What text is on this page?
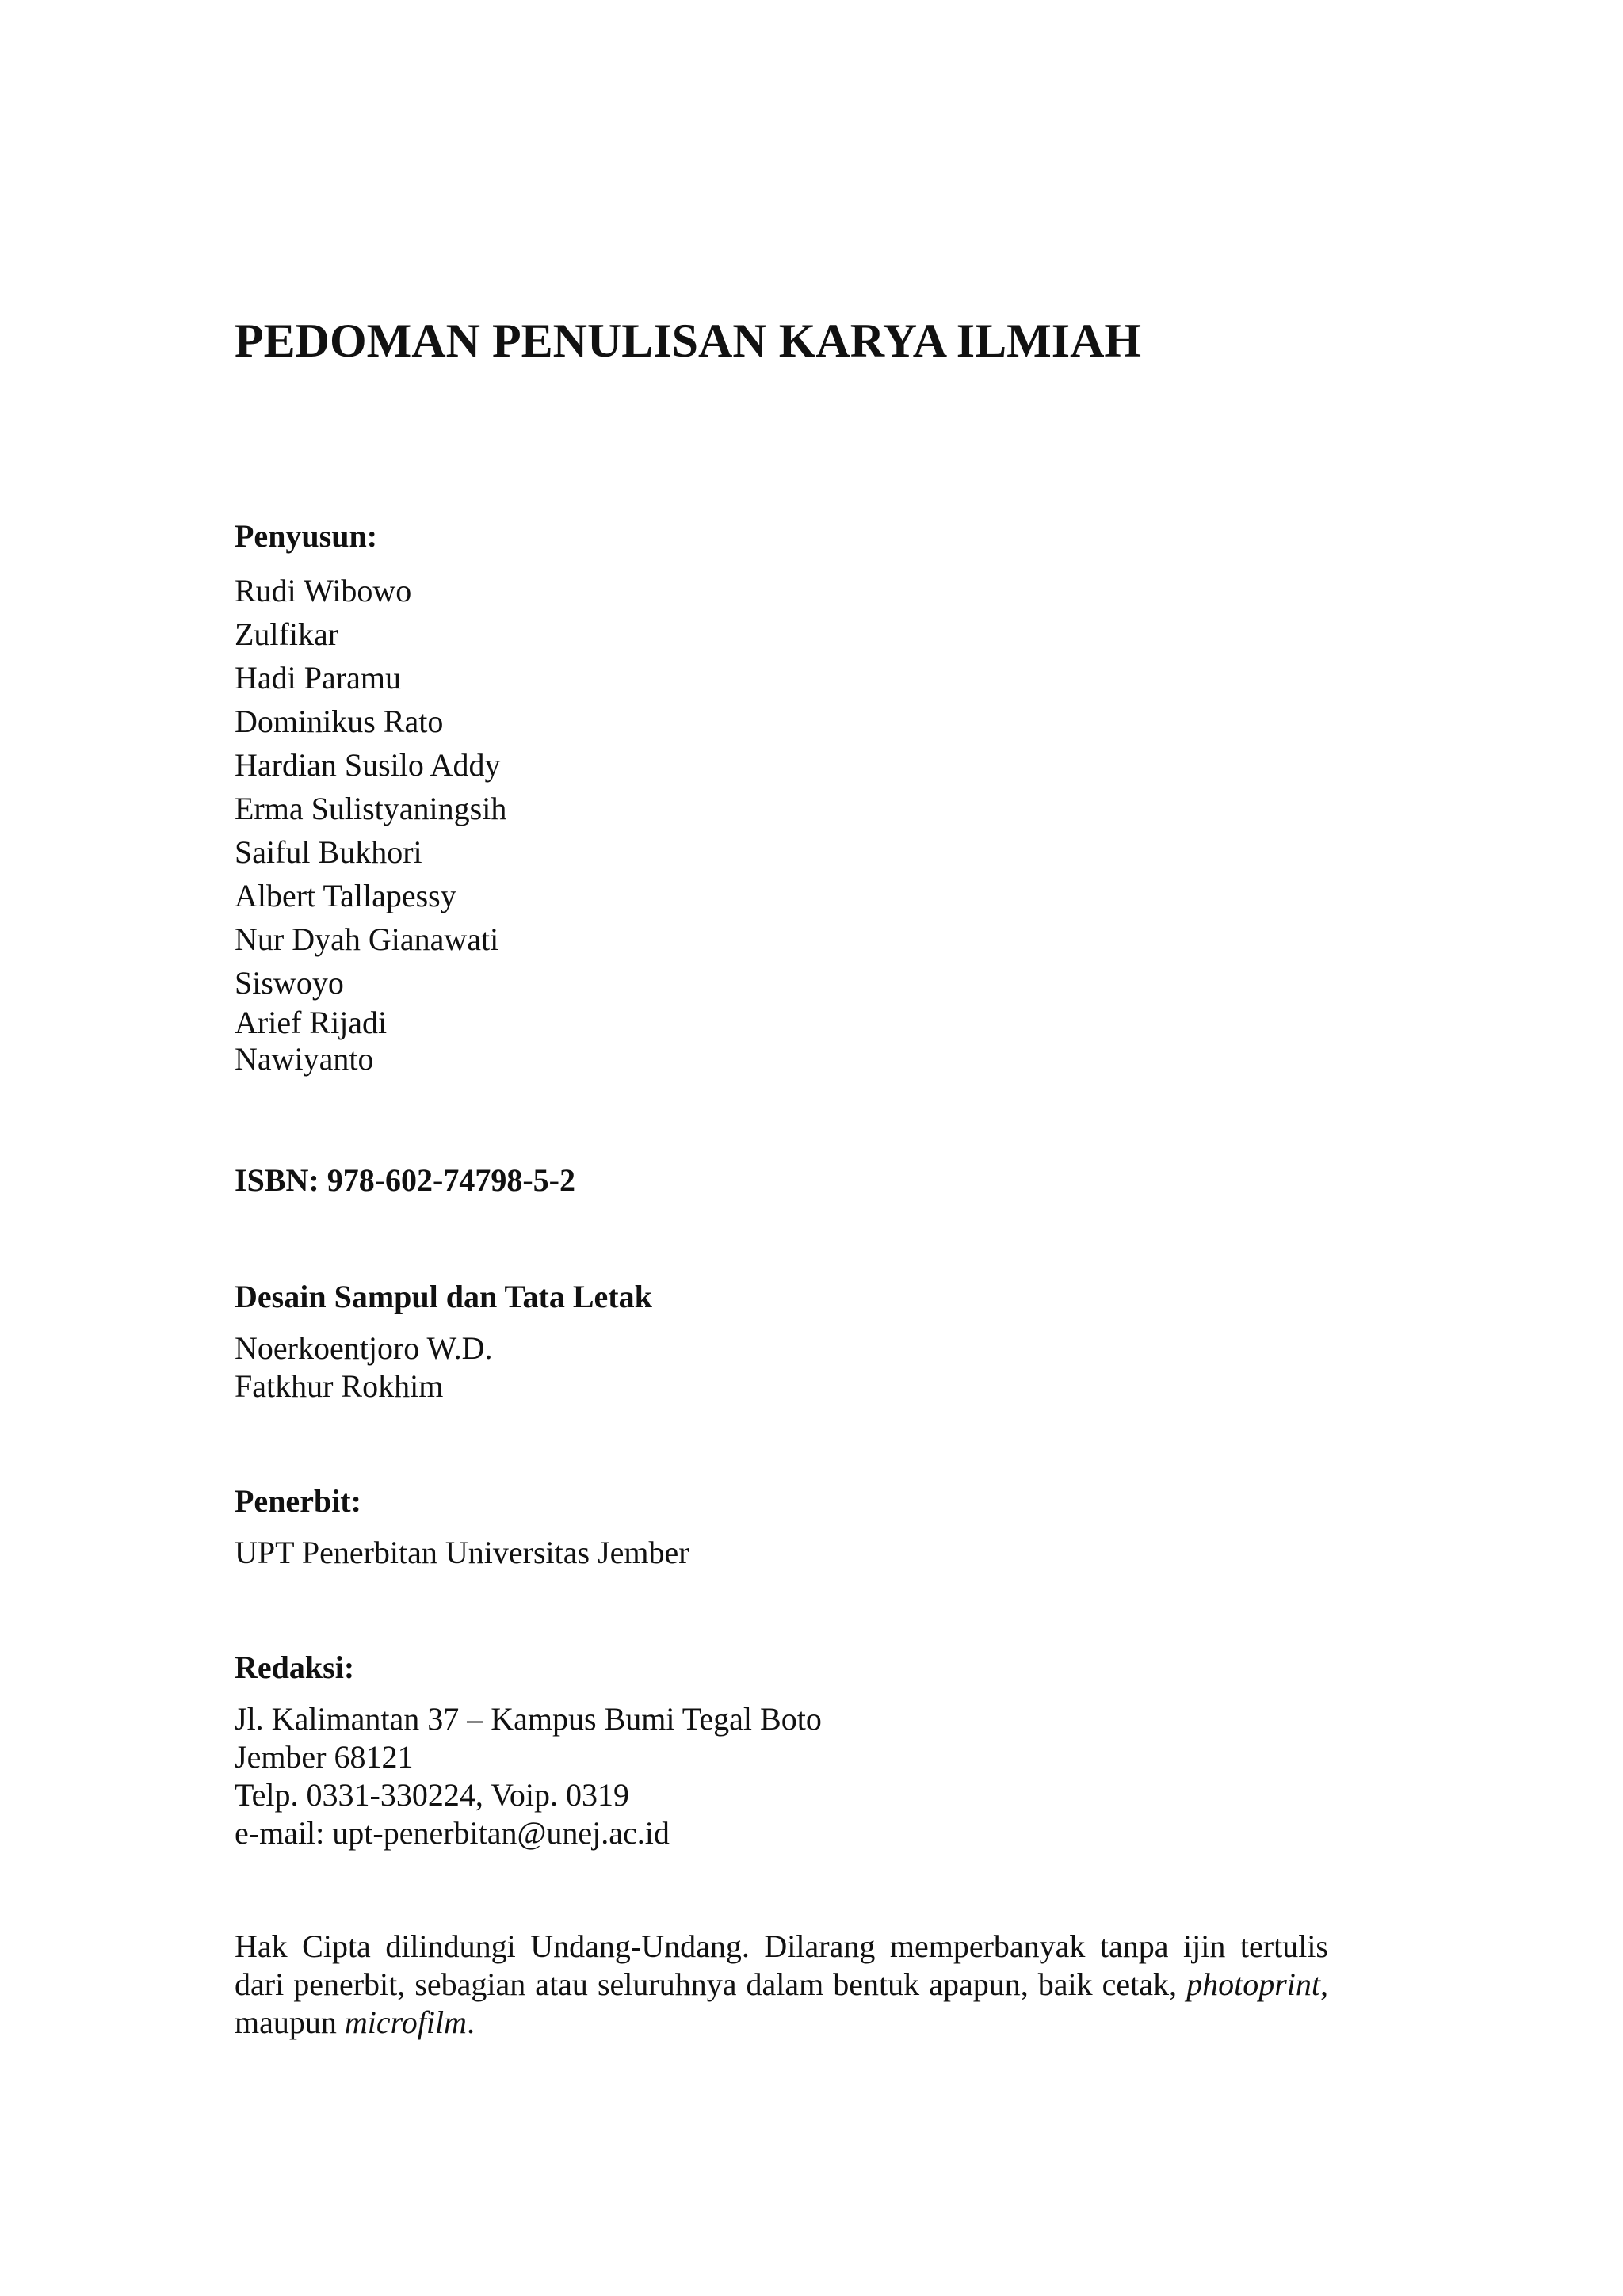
PEDOMAN PENULISAN KARYA ILMIAH
Penyusun:
Rudi Wibowo
Zulfikar
Hadi Paramu
Dominikus Rato
Hardian Susilo Addy
Erma Sulistyaningsih
Saiful Bukhori
Albert Tallapessy
Nur Dyah Gianawati
Siswoyo
Arief Rijadi
Nawiyanto
ISBN: 978-602-74798-5-2
Desain Sampul dan Tata Letak
Noerkoentjoro W.D.
Fatkhur Rokhim
Penerbit:
UPT Penerbitan Universitas Jember
Redaksi:
Jl. Kalimantan 37 – Kampus Bumi Tegal Boto
Jember 68121
Telp. 0331-330224, Voip. 0319
e-mail: upt-penerbitan@unej.ac.id

Hak Cipta dilindungi Undang-Undang. Dilarang memperbanyak tanpa ijin tertulis dari penerbit, sebagian atau seluruhnya dalam bentuk apapun, baik cetak, photoprint, maupun microfilm.
